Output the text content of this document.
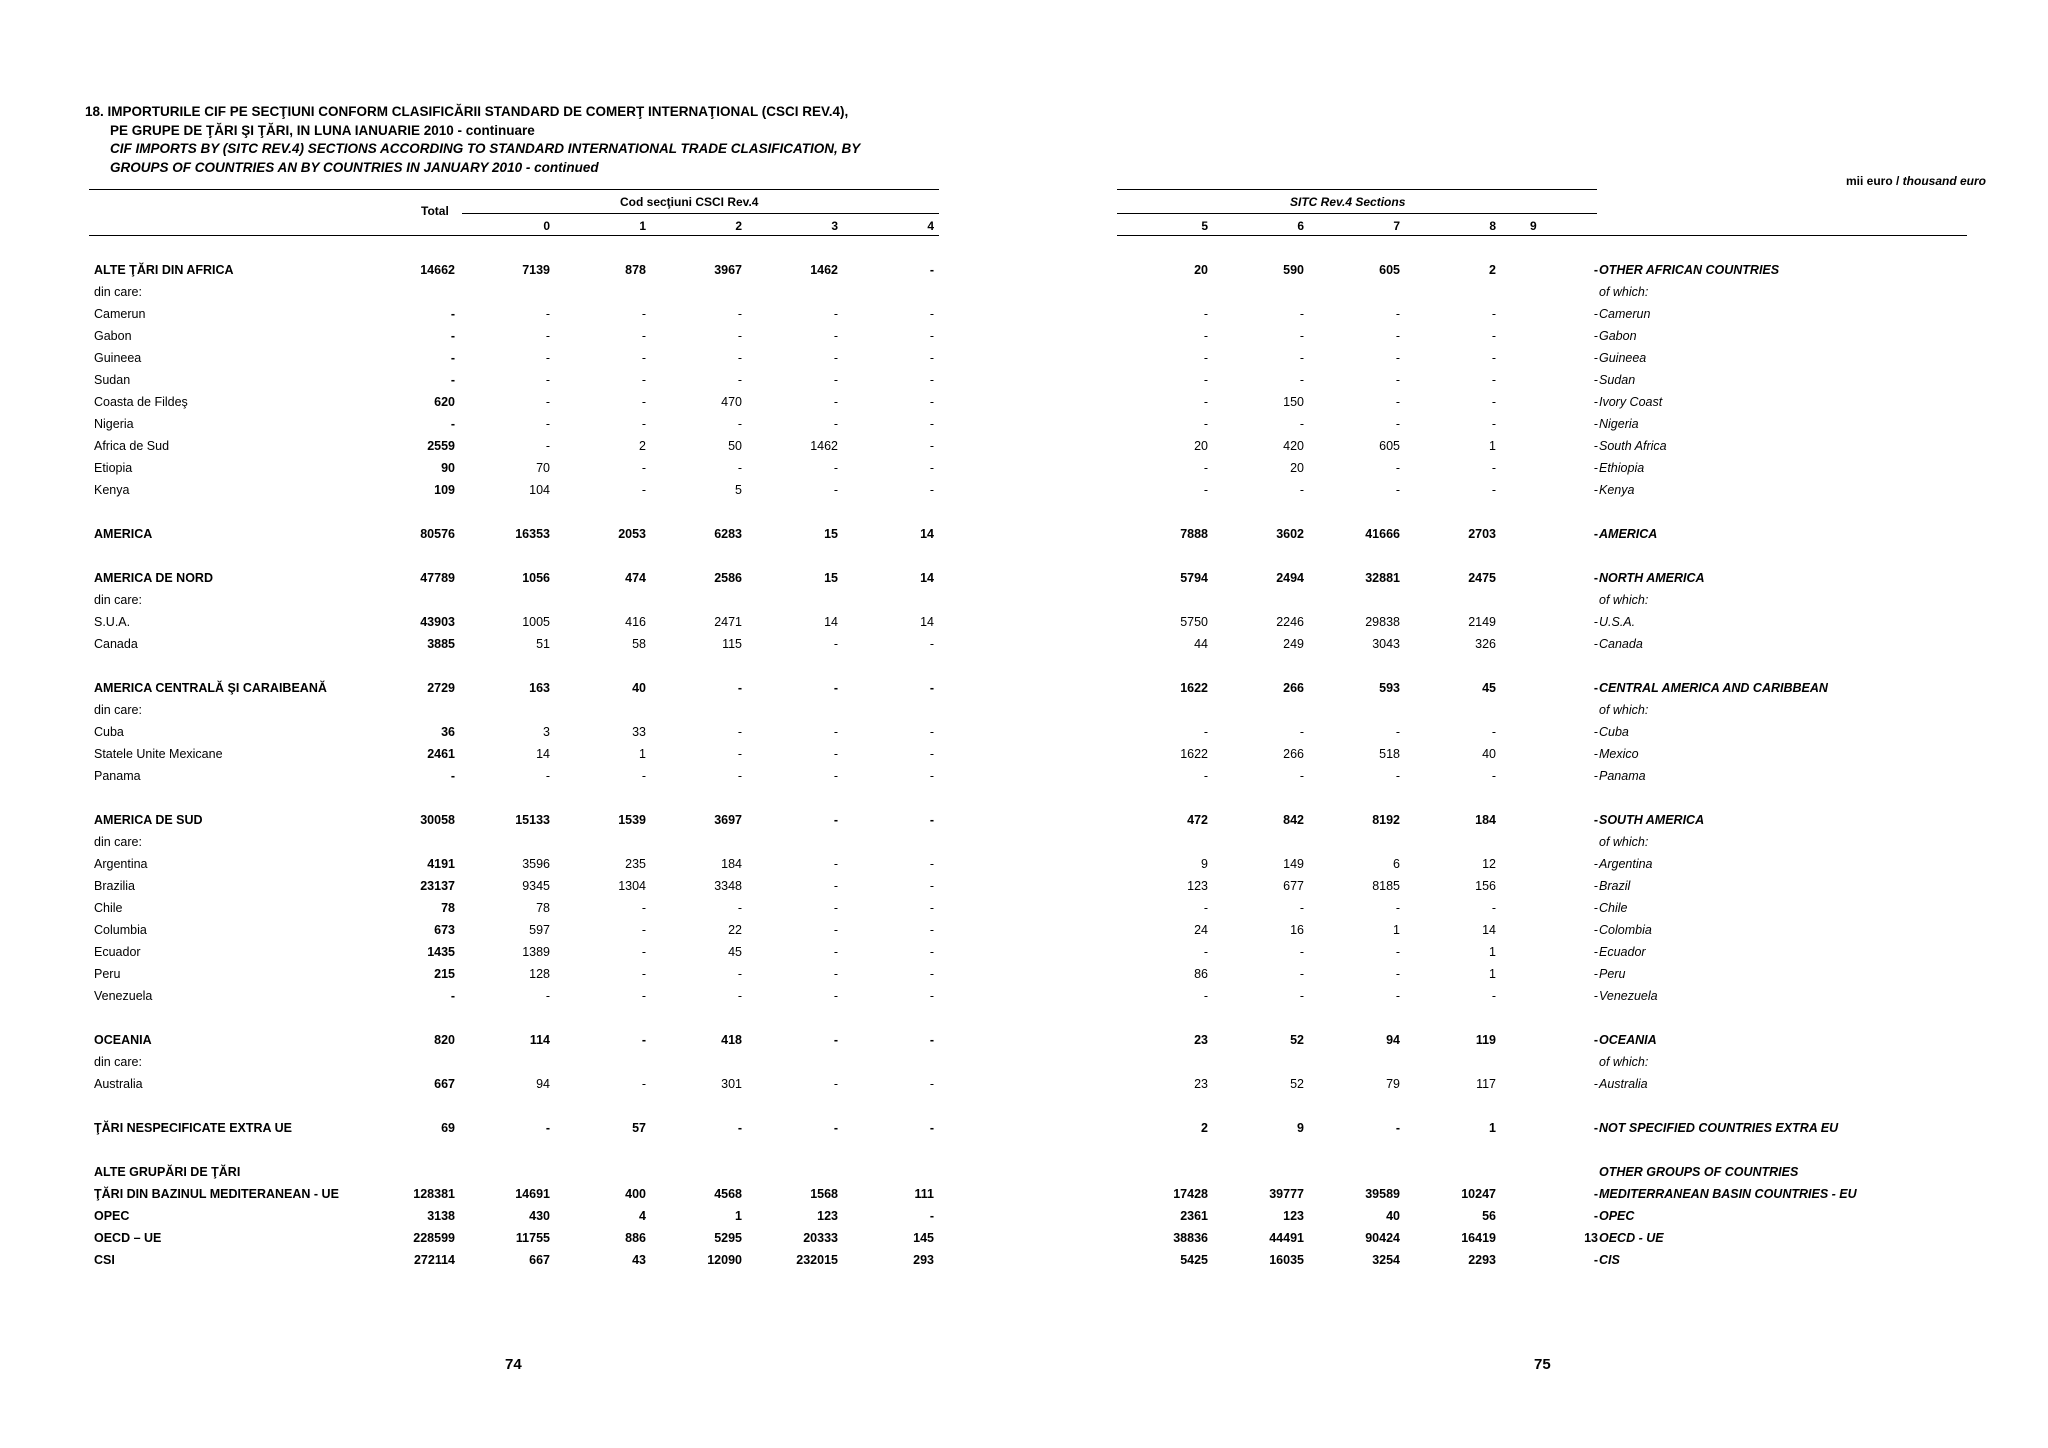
18. IMPORTURILE CIF PE SECŢIUNI CONFORM CLASIFICĂRII STANDARD DE COMERŢ INTERNAŢIONAL (CSCI REV.4),
PE GRUPE DE ŢĂRI ŞI ŢĂRI, IN LUNA IANUARIE 2010 - continuare
CIF IMPORTS BY (SITC REV.4) SECTIONS ACCORDING TO STANDARD INTERNATIONAL TRADE CLASIFICATION, BY
GROUPS OF COUNTRIES AN BY COUNTRIES IN JANUARY 2010 - continued
mii euro / thousand euro
Total
Cod secţiuni CSCI Rev.4	SITC Rev.4 Sections
0	1	2	3	4	5	6	7	8	9
ALTE ŢĂRI DIN AFRICA	14662	7139	878	3967	1462	-	20	590	605	2	- OTHER AFRICAN COUNTRIES
din care:	of which:
Camerun	-	-	-	-	-	-	-	-	-	-	- Camerun
Gabon	-	-	-	-	-	-	-	-	-	-	- Gabon
Guineea	-	-	-	-	-	-	-	-	-	-	- Guineea
Sudan	-	-	-	-	-	-	-	-	-	-	- Sudan
Coasta de Fildeş	620	-	-	470	-	-	-	150	-	-	- Ivory Coast
Nigeria	-	-	-	-	-	-	-	-	-	-	- Nigeria
Africa de Sud	2559	-	2	50	1462	-	20	420	605	1	- South Africa
Etiopia	90	70	-	-	-	-	-	20	-	-	- Ethiopia
Kenya	109	104	-	5	-	-	-	-	-	-	- Kenya
AMERICA	80576	16353	2053	6283	15	14	7888	3602	41666	2703	- AMERICA
AMERICA DE NORD	47789	1056	474	2586	15	14	5794	2494	32881	2475	- NORTH AMERICA
din care:	of which:
S.U.A.	43903	1005	416	2471	14	14	5750	2246	29838	2149	- U.S.A.
Canada	3885	51	58	115	-	-	44	249	3043	326	- Canada
AMERICA CENTRALĂ ŞI CARAIBEANĂ	2729	163	40	-	-	-	1622	266	593	45	- CENTRAL AMERICA AND CARIBBEAN
din care:	of which:
Cuba	36	3	33	-	-	-	-	-	-	-	- Cuba
Statele Unite Mexicane	2461	14	1	-	-	-	1622	266	518	40	- Mexico
Panama	-	-	-	-	-	-	-	-	-	-	- Panama
AMERICA DE SUD	30058	15133	1539	3697	-	-	472	842	8192	184	- SOUTH AMERICA
din care:	of which:
Argentina	4191	3596	235	184	-	-	9	149	6	12	- Argentina
Brazilia	23137	9345	1304	3348	-	-	123	677	8185	156	- Brazil
Chile	78	78	-	-	-	-	-	-	-	-	- Chile
Columbia	673	597	-	22	-	-	24	16	1	14	- Colombia
Ecuador	1435	1389	-	45	-	-	-	-	-	1	- Ecuador
Peru	215	128	-	-	-	-	86	-	-	1	- Peru
Venezuela	-	-	-	-	-	-	-	-	-	-	- Venezuela
OCEANIA	820	114	-	418	-	-	23	52	94	119	- OCEANIA
din care:	of which:
Australia	667	94	-	301	-	-	23	52	79	117	- Australia
ŢĂRI NESPECIFICATE EXTRA UE	69	-	57	-	-	-	2	9	-	1	- NOT SPECIFIED COUNTRIES EXTRA EU
ALTE GRUPĂRI DE ŢĂRI	OTHER GROUPS OF COUNTRIES
ŢĂRI DIN BAZINUL MEDITERANEAN - UE	128381	14691	400	4568	1568	111	17428	39777	39589	10247	- MEDITERRANEAN BASIN COUNTRIES - EU
OPEC	3138	430	4	1	123	-	2361	123	40	56	- OPEC
OECD – UE	228599	11755	886	5295	20333	145	38836	44491	90424	16419	13 OECD - UE
CSI	272114	667	43	12090	232015	293	5425	16035	3254	2293	- CIS
74	75
